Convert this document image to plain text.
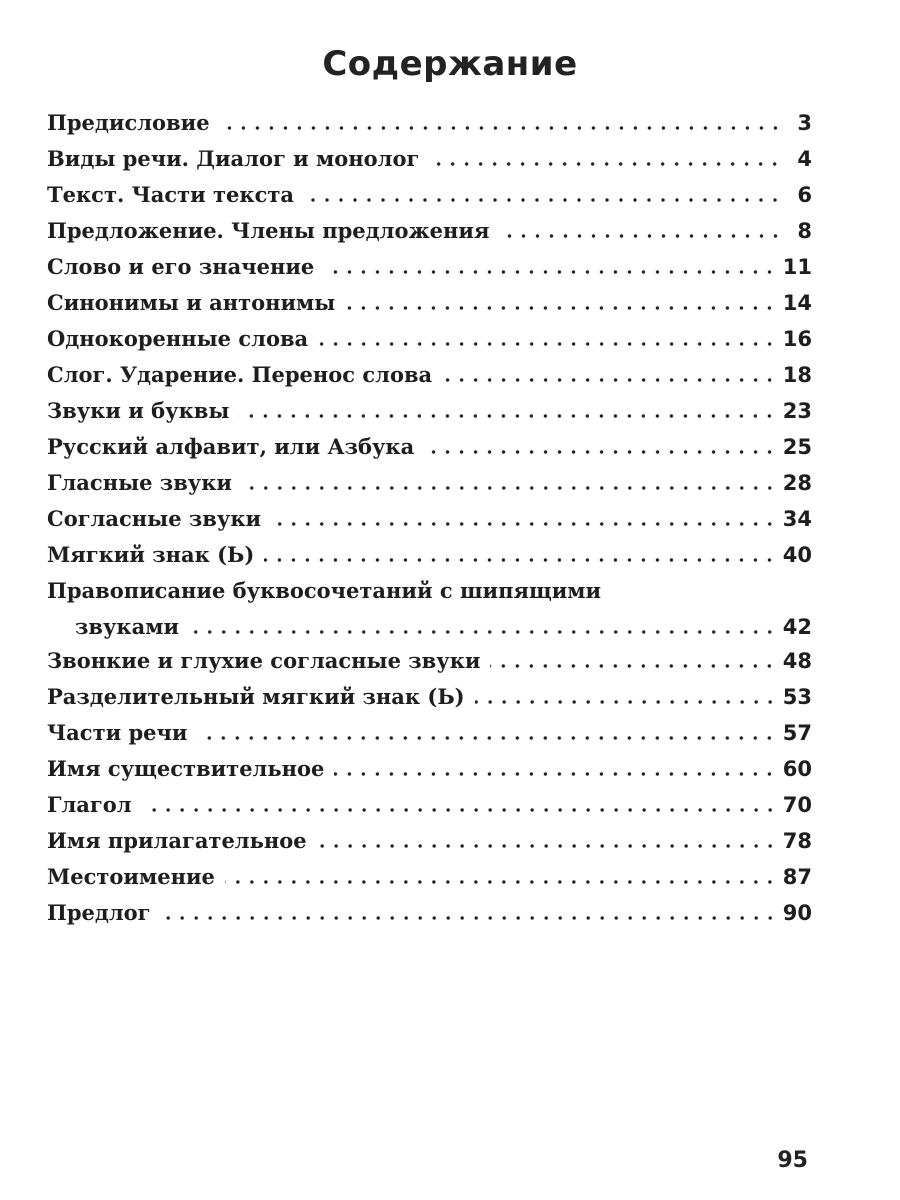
Содержание
Предисловие	3
Виды речи. Диалог и монолог	4
Текст. Части текста	6
Предложение. Члены предложения	8
Слово и его значение	11
Синонимы и антонимы	14
Однокоренные слова	16
Слог. Ударение. Перенос слова	18
Звуки и буквы	23
Русский алфавит, или Азбука	25
Гласные звуки	28
Согласные звуки	34
Мягкий знак (Ь)	40
Правописание буквосочетаний с шипящими
звуками	42
Звонкие и глухие согласные звуки	48
Разделительный мягкий знак (Ь)	53
Части речи	57
Имя существительное	60
Глагол	70
Имя прилагательное	78
Местоимение	87
Предлог	90
95
